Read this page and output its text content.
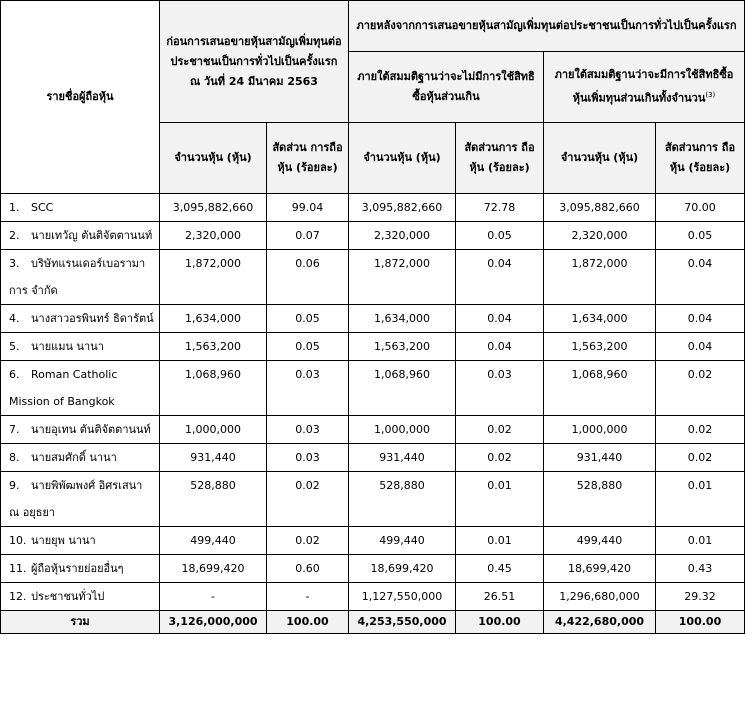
รายชื่อผู้ถือหุ้น	ก่อนการเสนอขายหุ้นสามัญเพิ่มทุนต่อประชาชนเป็นการทั่วไปเป็นครั้งแรก ณ วันที่ 24 มีนาคม 2563		ภายหลังจากการเสนอขายหุ้นสามัญเพิ่มทุนต่อประชาชนเป็นการทั่วไปเป็นครั้งแรก			
			ภายใต้สมมติฐานว่าจะไม่มีการใช้สิทธิซื้อหุ้นส่วนเกิน		ภายใต้สมมติฐานว่าจะมีการใช้สิทธิซื้อหุ้นเพิ่มทุนส่วนเกินทั้งจำนวน$^{(3)}$
	จำนวนหุ้น (หุ้น)	สัดส่วน การถือหุ้น (ร้อยละ)	จำนวนหุ้น (หุ้น)	สัดส่วนการ ถือหุ้น (ร้อยละ)	จำนวนหุ้น (หุ้น)	สัดส่วนการ ถือหุ้น (ร้อยละ)
1. SCC	3,095,882,660	99.04	3,095,882,660	72.78	3,095,882,660	70.00
2. นายเทวัญ ตันติจัตตานนท์	2,320,000	0.07	2,320,000	0.05	2,320,000	0.05
3. บริษัทแรนเดอร์เบอรามาการ จำกัด	1,872,000	0.06	1,872,000	0.04	1,872,000	0.04
4. นางสาวอรพินทร์ ธิดารัตน์	1,634,000	0.05	1,634,000	0.04	1,634,000	0.04
5. นายแมน นานา	1,563,200	0.05	1,563,200	0.04	1,563,200	0.04
6. Roman Catholic Mission of Bangkok	1,068,960	0.03	1,068,960	0.03	1,068,960	0.02
7. นายอุเทน ตันติจัตตานนท์	1,000,000	0.03	1,000,000	0.02	1,000,000	0.02
8. นายสมศักดิ์ นานา	931,440	0.03	931,440	0.02	931,440	0.02
9. นายพิพัฒพงศ์ อิศรเสนา ณ อยุธยา	528,880	0.02	528,880	0.01	528,880	0.01
10. นายยุพ นานา	499,440	0.02	499,440	0.01	499,440	0.01
11. ผู้ถือหุ้นรายย่อยอื่นๆ	18,699,420	0.60	18,699,420	0.45	18,699,420	0.43
12. ประชาชนทั่วไป	-	-	1,127,550,000	26.51	1,296,680,000	29.32
รวม	3,126,000,000	100.00	4,253,550,000	100.00	4,422,680,000	100.00
